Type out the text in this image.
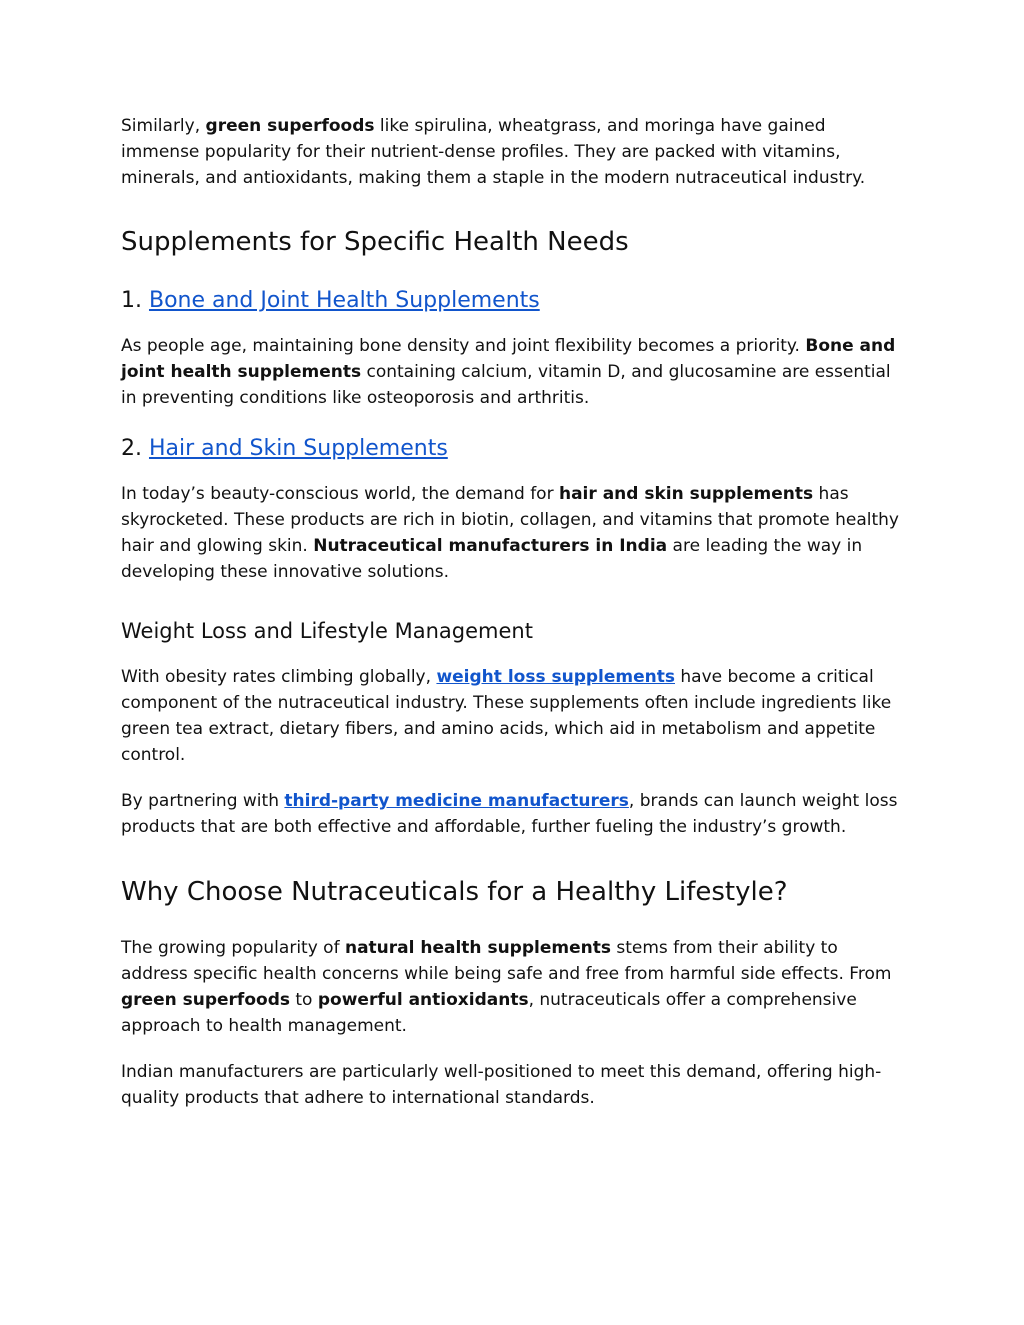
Similarly, green superfoods like spirulina, wheatgrass, and moringa have gained immense popularity for their nutrient-dense profiles. They are packed with vitamins, minerals, and antioxidants, making them a staple in the modern nutraceutical industry.

Supplements for Specific Health Needs
1. Bone and Joint Health Supplements

As people age, maintaining bone density and joint flexibility becomes a priority. Bone and joint health supplements containing calcium, vitamin D, and glucosamine are essential in preventing conditions like osteoporosis and arthritis.

2. Hair and Skin Supplements

In today’s beauty-conscious world, the demand for hair and skin supplements has skyrocketed. These products are rich in biotin, collagen, and vitamins that promote healthy hair and glowing skin. Nutraceutical manufacturers in India are leading the way in developing these innovative solutions.

Weight Loss and Lifestyle Management

With obesity rates climbing globally, weight loss supplements have become a critical component of the nutraceutical industry. These supplements often include ingredients like green tea extract, dietary fibers, and amino acids, which aid in metabolism and appetite control.

By partnering with third-party medicine manufacturers, brands can launch weight loss products that are both effective and affordable, further fueling the industry’s growth.

Why Choose Nutraceuticals for a Healthy Lifestyle?

The growing popularity of natural health supplements stems from their ability to address specific health concerns while being safe and free from harmful side effects. From green superfoods to powerful antioxidants, nutraceuticals offer a comprehensive approach to health management.

Indian manufacturers are particularly well-positioned to meet this demand, offering high-quality products that adhere to international standards.
